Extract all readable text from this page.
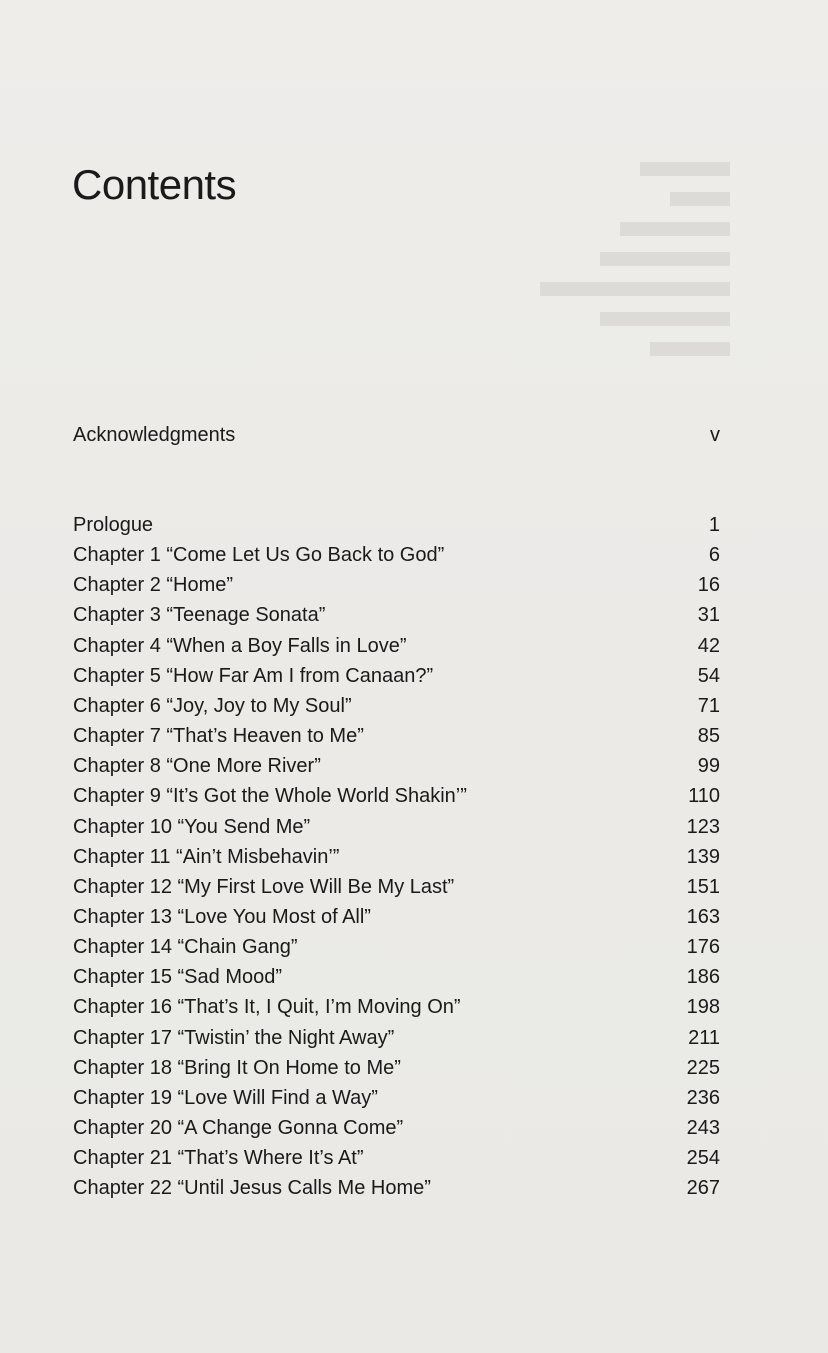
Contents
Acknowledgments	v
Prologue	1
Chapter 1 “Come Let Us Go Back to God”	6
Chapter 2 “Home”	16
Chapter 3 “Teenage Sonata”	31
Chapter 4 “When a Boy Falls in Love”	42
Chapter 5 “How Far Am I from Canaan?”	54
Chapter 6 “Joy, Joy to My Soul”	71
Chapter 7 “That’s Heaven to Me”	85
Chapter 8 “One More River”	99
Chapter 9 “It’s Got the Whole World Shakin’”	110
Chapter 10 “You Send Me”	123
Chapter 11 “Ain’t Misbehavin’”	139
Chapter 12 “My First Love Will Be My Last”	151
Chapter 13 “Love You Most of All”	163
Chapter 14 “Chain Gang”	176
Chapter 15 “Sad Mood”	186
Chapter 16 “That’s It, I Quit, I’m Moving On”	198
Chapter 17 “Twistin’ the Night Away”	211
Chapter 18 “Bring It On Home to Me”	225
Chapter 19 “Love Will Find a Way”	236
Chapter 20 “A Change Gonna Come”	243
Chapter 21 “That’s Where It’s At”	254
Chapter 22 “Until Jesus Calls Me Home”	267
